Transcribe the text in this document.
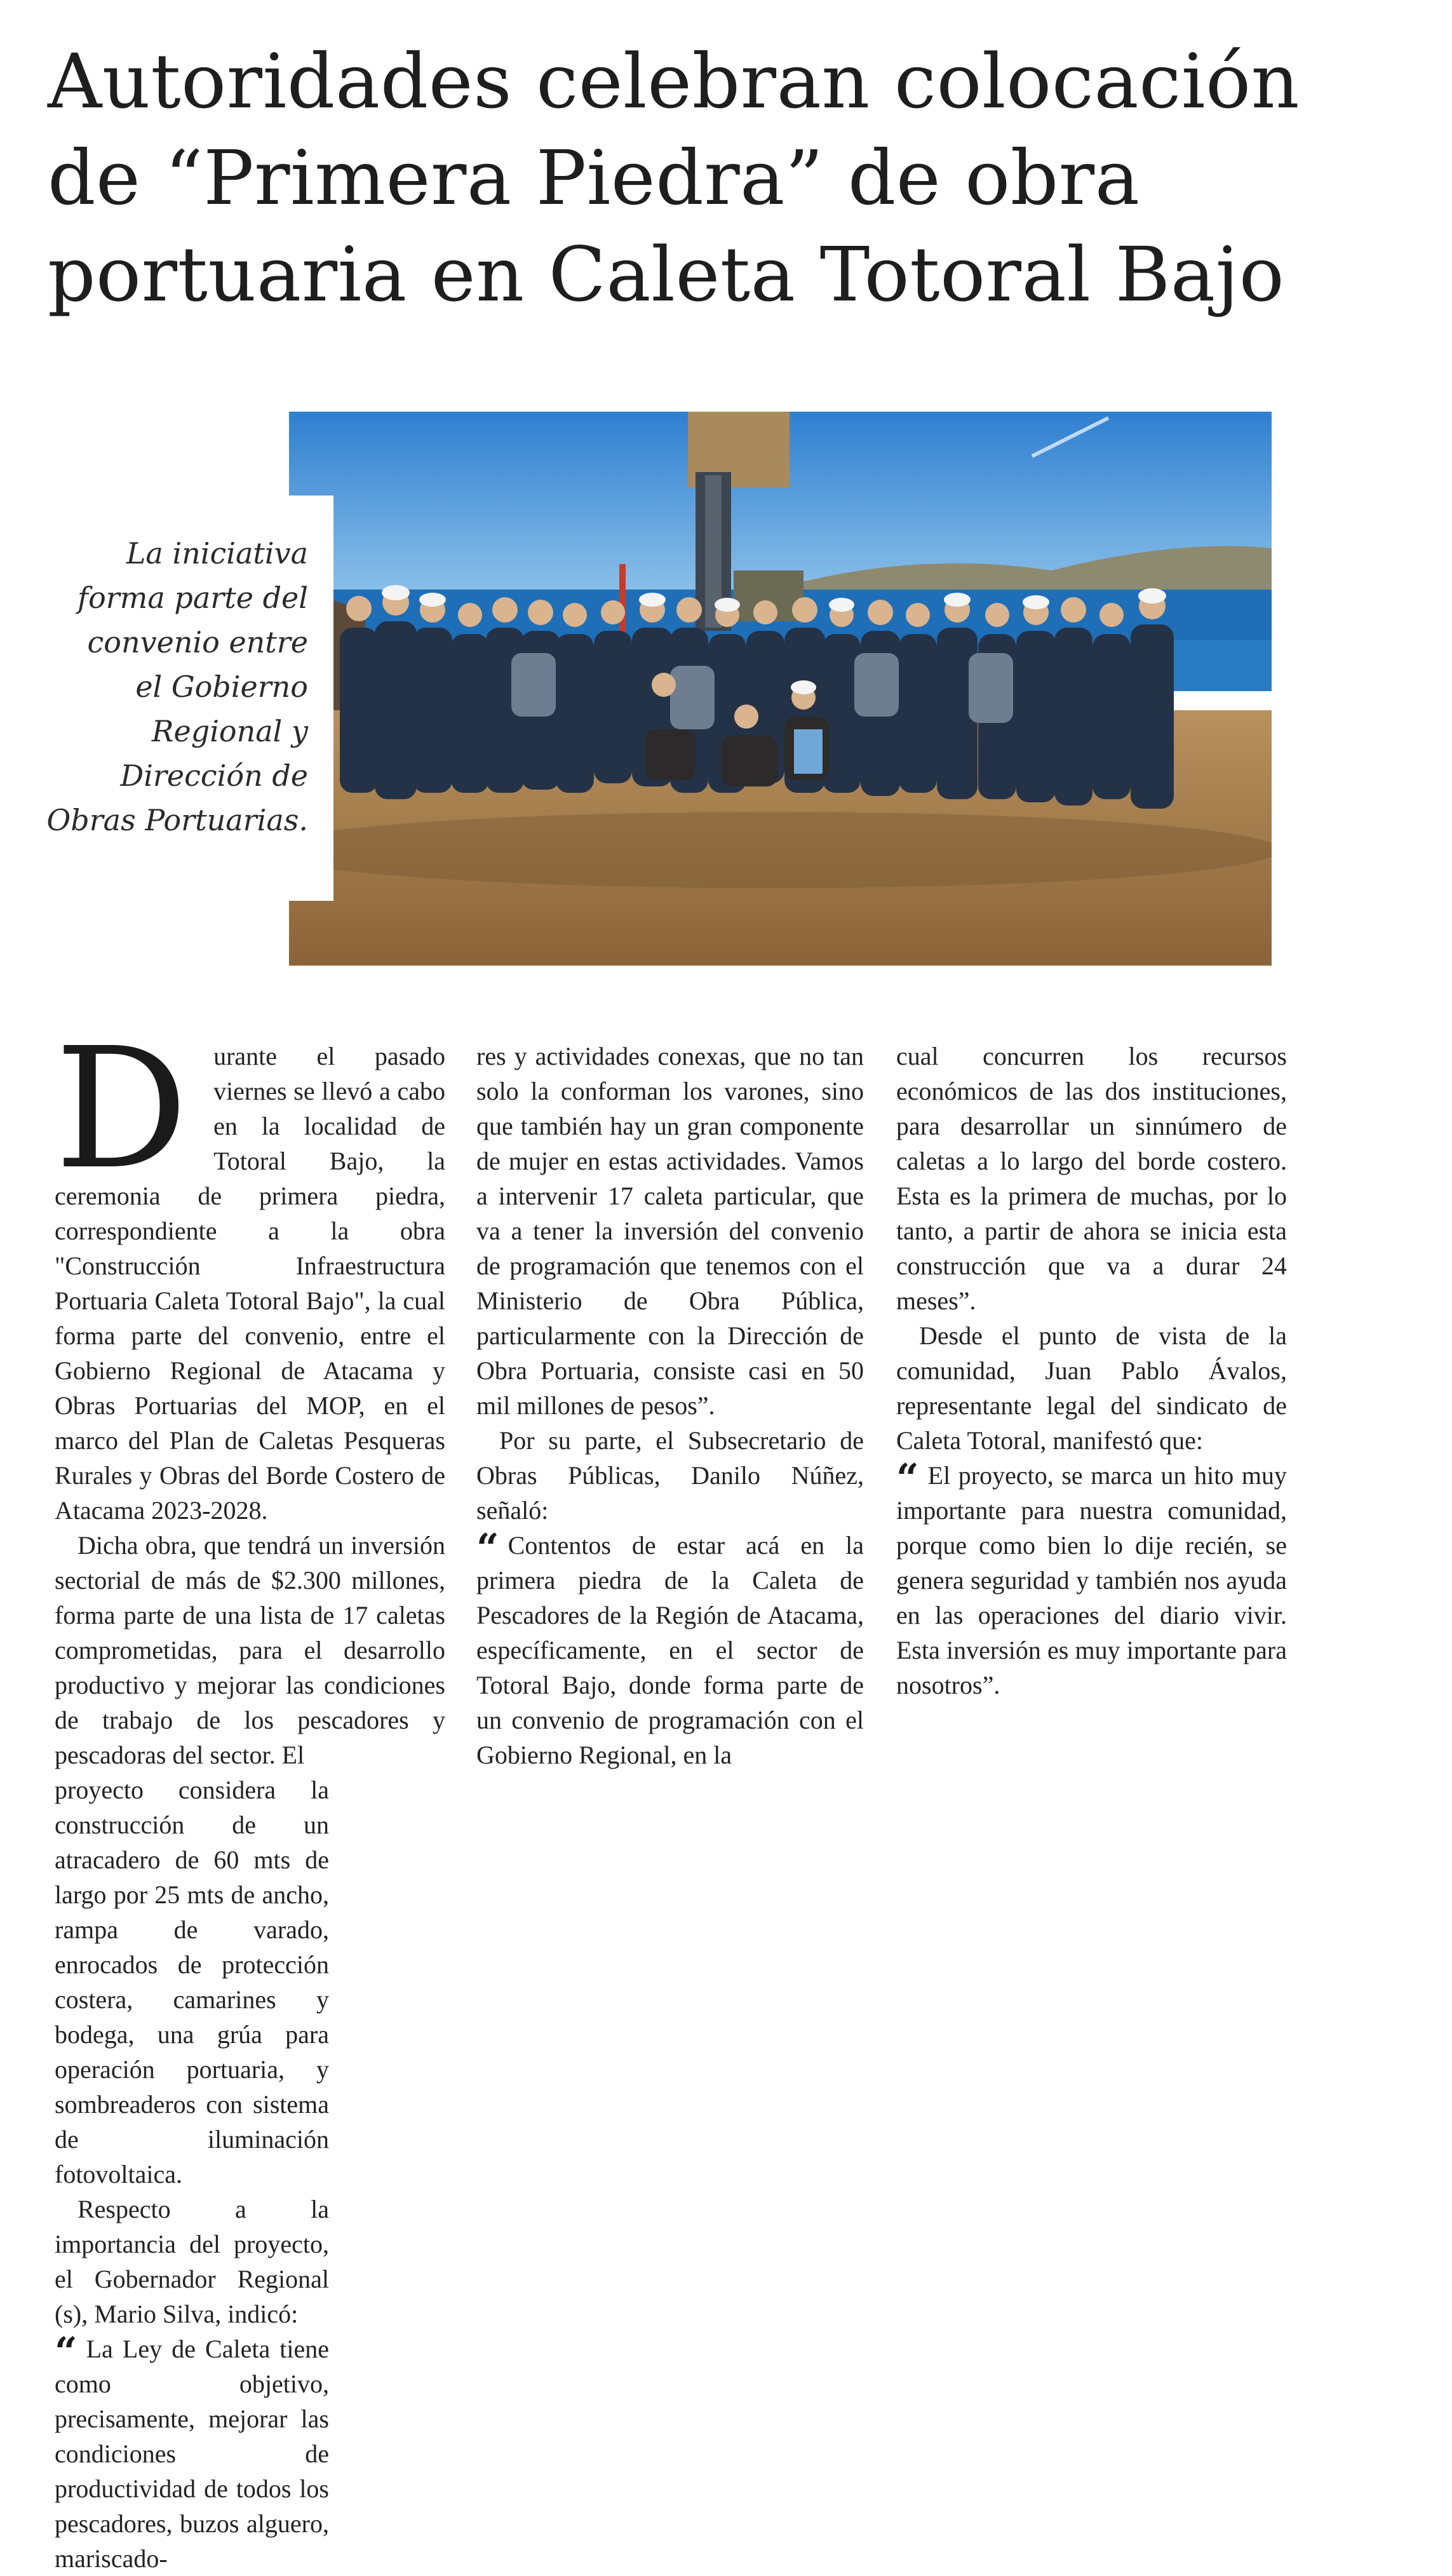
Autoridades celebran colocación
de “Primera Piedra” de obra
portuaria en Caleta Totoral Bajo

La iniciativa
forma parte del
convenio entre
el Gobierno
Regional y
Dirección de
Obras Portuarias.

D urante el pasado viernes se llevó a cabo en la localidad de Totoral Bajo, la ceremonia de primera piedra, correspondiente a la obra "Construcción Infraestructura Portuaria Caleta Totoral Bajo", la cual forma parte del convenio, entre el Gobierno Regional de Atacama y Obras Portuarias del MOP, en el marco del Plan de Caletas Pesqueras Rurales y Obras del Borde Costero de Atacama 2023-2028.

Dicha obra, que tendrá un inversión sectorial de más de $2.300 millones, forma parte de una lista de 17 caletas comprometidas, para el desarrollo productivo y mejorar las condiciones de trabajo de los pescadores y pescadoras del sector. El

proyecto considera la construcción de un atracadero de 60 mts de largo por 25 mts de ancho, rampa de varado, enrocados de protección costera, camarines y bodega, una grúa para operación portuaria, y sombreaderos con sistema de iluminación fotovoltaica.

Respecto a la importancia del proyecto, el Gobernador Regional (s), Mario Silva, indicó:

“ La Ley de Caleta tiene como objetivo, precisamente, mejorar las condiciones de productividad de todos los pescadores, buzos alguero, mariscado-

res y actividades conexas, que no tan solo la conforman los varones, sino que también hay un gran componente de mujer en estas actividades. Vamos a intervenir 17 caleta particular, que va a tener la inversión del convenio de programación que tenemos con el Ministerio de Obra Pública, particularmente con la Dirección de Obra Portuaria, consiste casi en 50 mil millones de pesos”.

Por su parte, el Subsecretario de Obras Públicas, Danilo Núñez, señaló:

“ Contentos de estar acá en la primera piedra de la Caleta de Pescadores de la Región de Atacama, específicamente, en el sector de Totoral Bajo, donde forma parte de un convenio de programación con el Gobierno Regional, en la

cual concurren los recursos económicos de las dos instituciones, para desarrollar un sinnúmero de caletas a lo largo del borde costero. Esta es la primera de muchas, por lo tanto, a partir de ahora se inicia esta construcción que va a durar 24 meses”.

Desde el punto de vista de la comunidad, Juan Pablo Ávalos, representante legal del sindicato de Caleta Totoral, manifestó que:

“ El proyecto, se marca un hito muy importante para nuestra comunidad, porque como bien lo dije recién, se genera seguridad y también nos ayuda en las operaciones del diario vivir. Esta inversión es muy importante para nosotros”.
